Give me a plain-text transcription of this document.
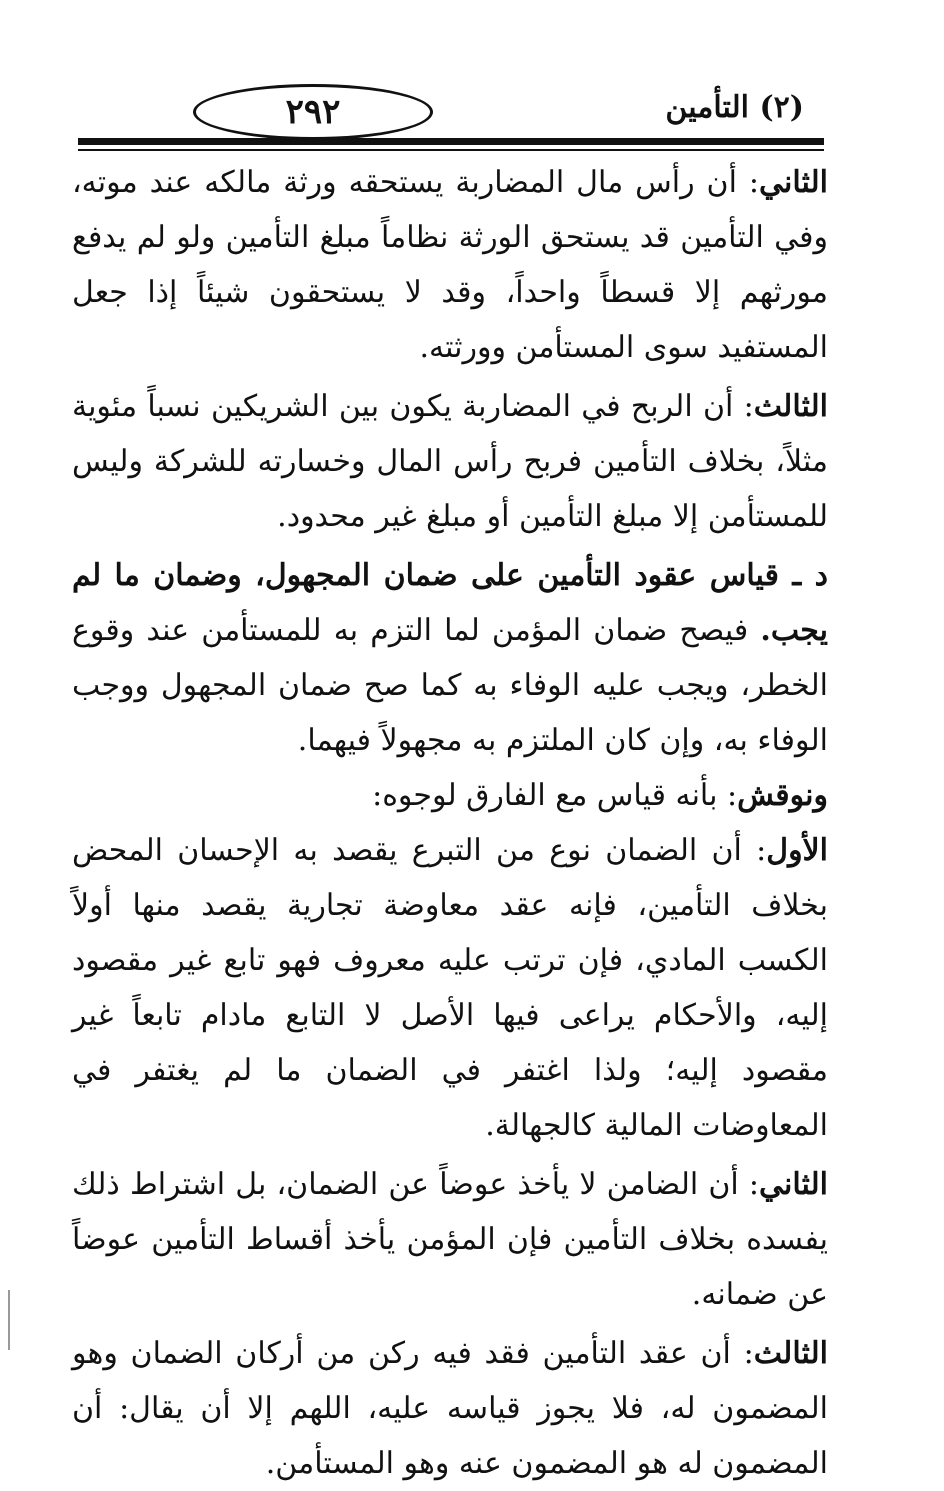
٢٩٢	(٢) التأمين

الثاني: أن رأس مال المضاربة يستحقه ورثة مالكه عند موته، وفي التأمين قد يستحق الورثة نظاماً مبلغ التأمين ولو لم يدفع مورثهم إلا قسطاً واحداً، وقد لا يستحقون شيئاً إذا جعل المستفيد سوى المستأمن وورثته.

الثالث: أن الربح في المضاربة يكون بين الشريكين نسباً مئوية مثلاً، بخلاف التأمين فربح رأس المال وخسارته للشركة وليس للمستأمن إلا مبلغ التأمين أو مبلغ غير محدود.

د ـ قياس عقود التأمين على ضمان المجهول، وضمان ما لم يجب. فيصح ضمان المؤمن لما التزم به للمستأمن عند وقوع الخطر، ويجب عليه الوفاء به كما صح ضمان المجهول ووجب الوفاء به، وإن كان الملتزم به مجهولاً فيهما.

ونوقش: بأنه قياس مع الفارق لوجوه:

الأول: أن الضمان نوع من التبرع يقصد به الإحسان المحض بخلاف التأمين، فإنه عقد معاوضة تجارية يقصد منها أولاً الكسب المادي، فإن ترتب عليه معروف فهو تابع غير مقصود إليه، والأحكام يراعى فيها الأصل لا التابع مادام تابعاً غير مقصود إليه؛ ولذا اغتفر في الضمان ما لم يغتفر في المعاوضات المالية كالجهالة.

الثاني: أن الضامن لا يأخذ عوضاً عن الضمان، بل اشتراط ذلك يفسده بخلاف التأمين فإن المؤمن يأخذ أقساط التأمين عوضاً عن ضمانه.

الثالث: أن عقد التأمين فقد فيه ركن من أركان الضمان وهو المضمون له، فلا يجوز قياسه عليه، اللهم إلا أن يقال: أن المضمون له هو المضمون عنه وهو المستأمن.
